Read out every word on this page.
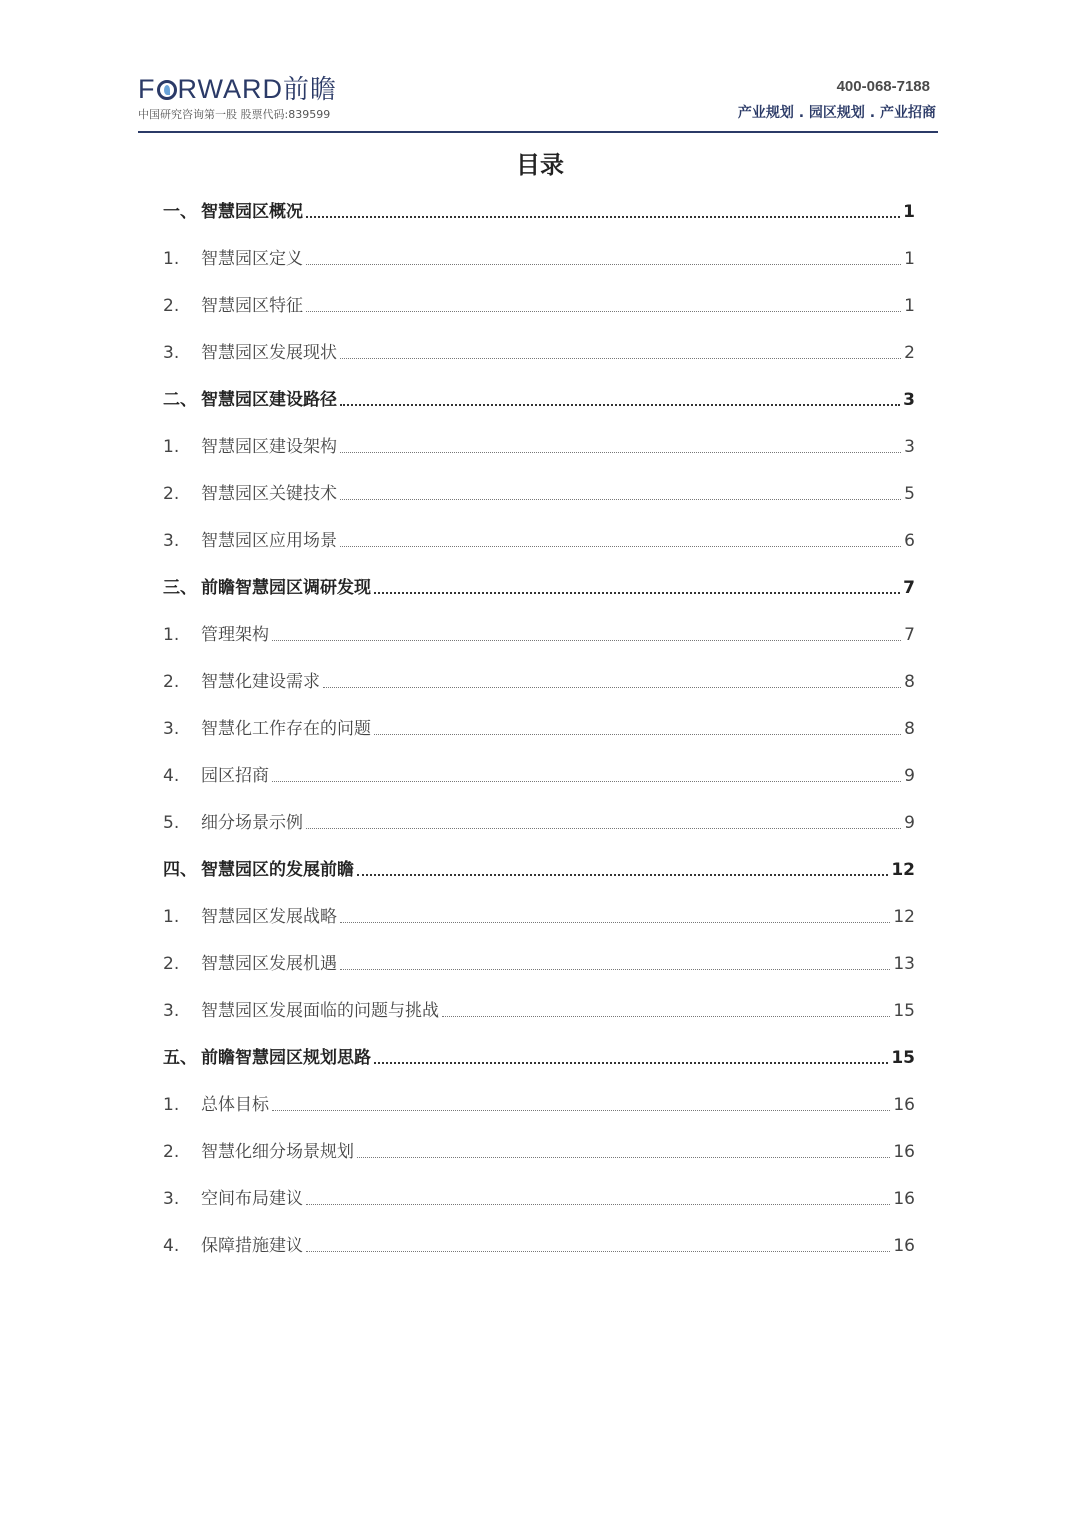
F RWARD前瞻
中国研究咨询第一股 股票代码:839599
400-068-7188
产业规划 . 园区规划 . 产业招商
目录
一、 智慧园区概况	1
1.	智慧园区定义	1
2.	智慧园区特征	1
3.	智慧园区发展现状	2
二、 智慧园区建设路径	3
1.	智慧园区建设架构	3
2.	智慧园区关键技术	5
3.	智慧园区应用场景	6
三、 前瞻智慧园区调研发现	7
1.	管理架构	7
2.	智慧化建设需求	8
3.	智慧化工作存在的问题	8
4.	园区招商	9
5.	细分场景示例	9
四、 智慧园区的发展前瞻	12
1.	智慧园区发展战略	12
2.	智慧园区发展机遇	13
3.	智慧园区发展面临的问题与挑战	15
五、 前瞻智慧园区规划思路	15
1.	总体目标	16
2.	智慧化细分场景规划	16
3.	空间布局建议	16
4.	保障措施建议	16
